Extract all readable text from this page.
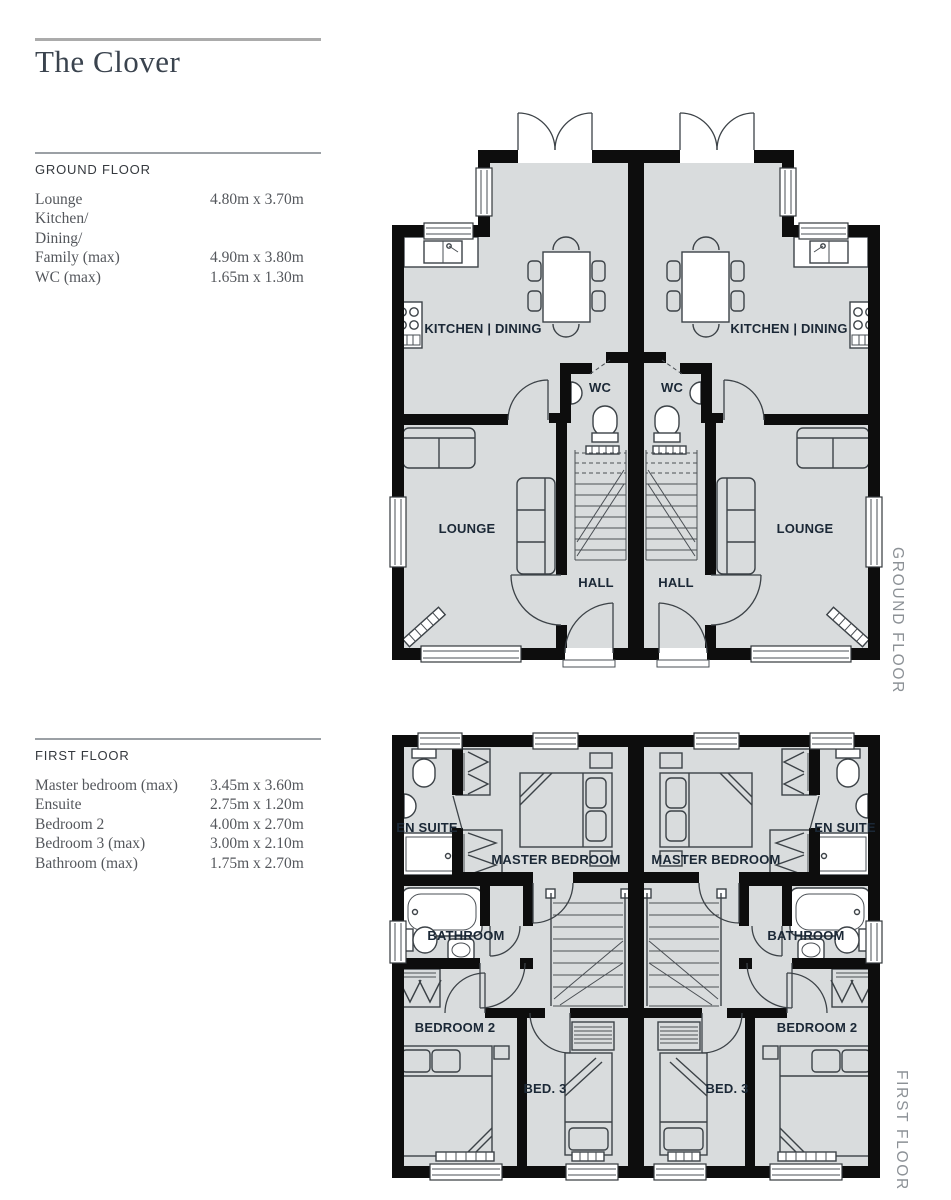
The Clover
GROUND FLOOR
Lounge	4.80m x 3.70m
Kitchen/
Dining/
Family (max)	4.90m x 3.80m
WC (max)	1.65m x 1.30m
FIRST FLOOR
Master bedroom (max)	3.45m x 3.60m
Ensuite	2.75m x 1.20m
Bedroom 2	4.00m x 2.70m
Bedroom 3 (max)	3.00m x 2.10m
Bathroom (max)	1.75m x 2.70m
KITCHEN | DINING	KITCHEN | DINING
WC	WC
LOUNGE	LOUNGE
HALL	HALL	GROUND FLOOR
EN SUITE	EN SUITE
MASTER BEDROOM MASTER BEDROOM
BATHROOM	BATHROOM
BEDROOM 2	BEDROOM 2
BED. 3	BED. 3	FIRST FLOOR
